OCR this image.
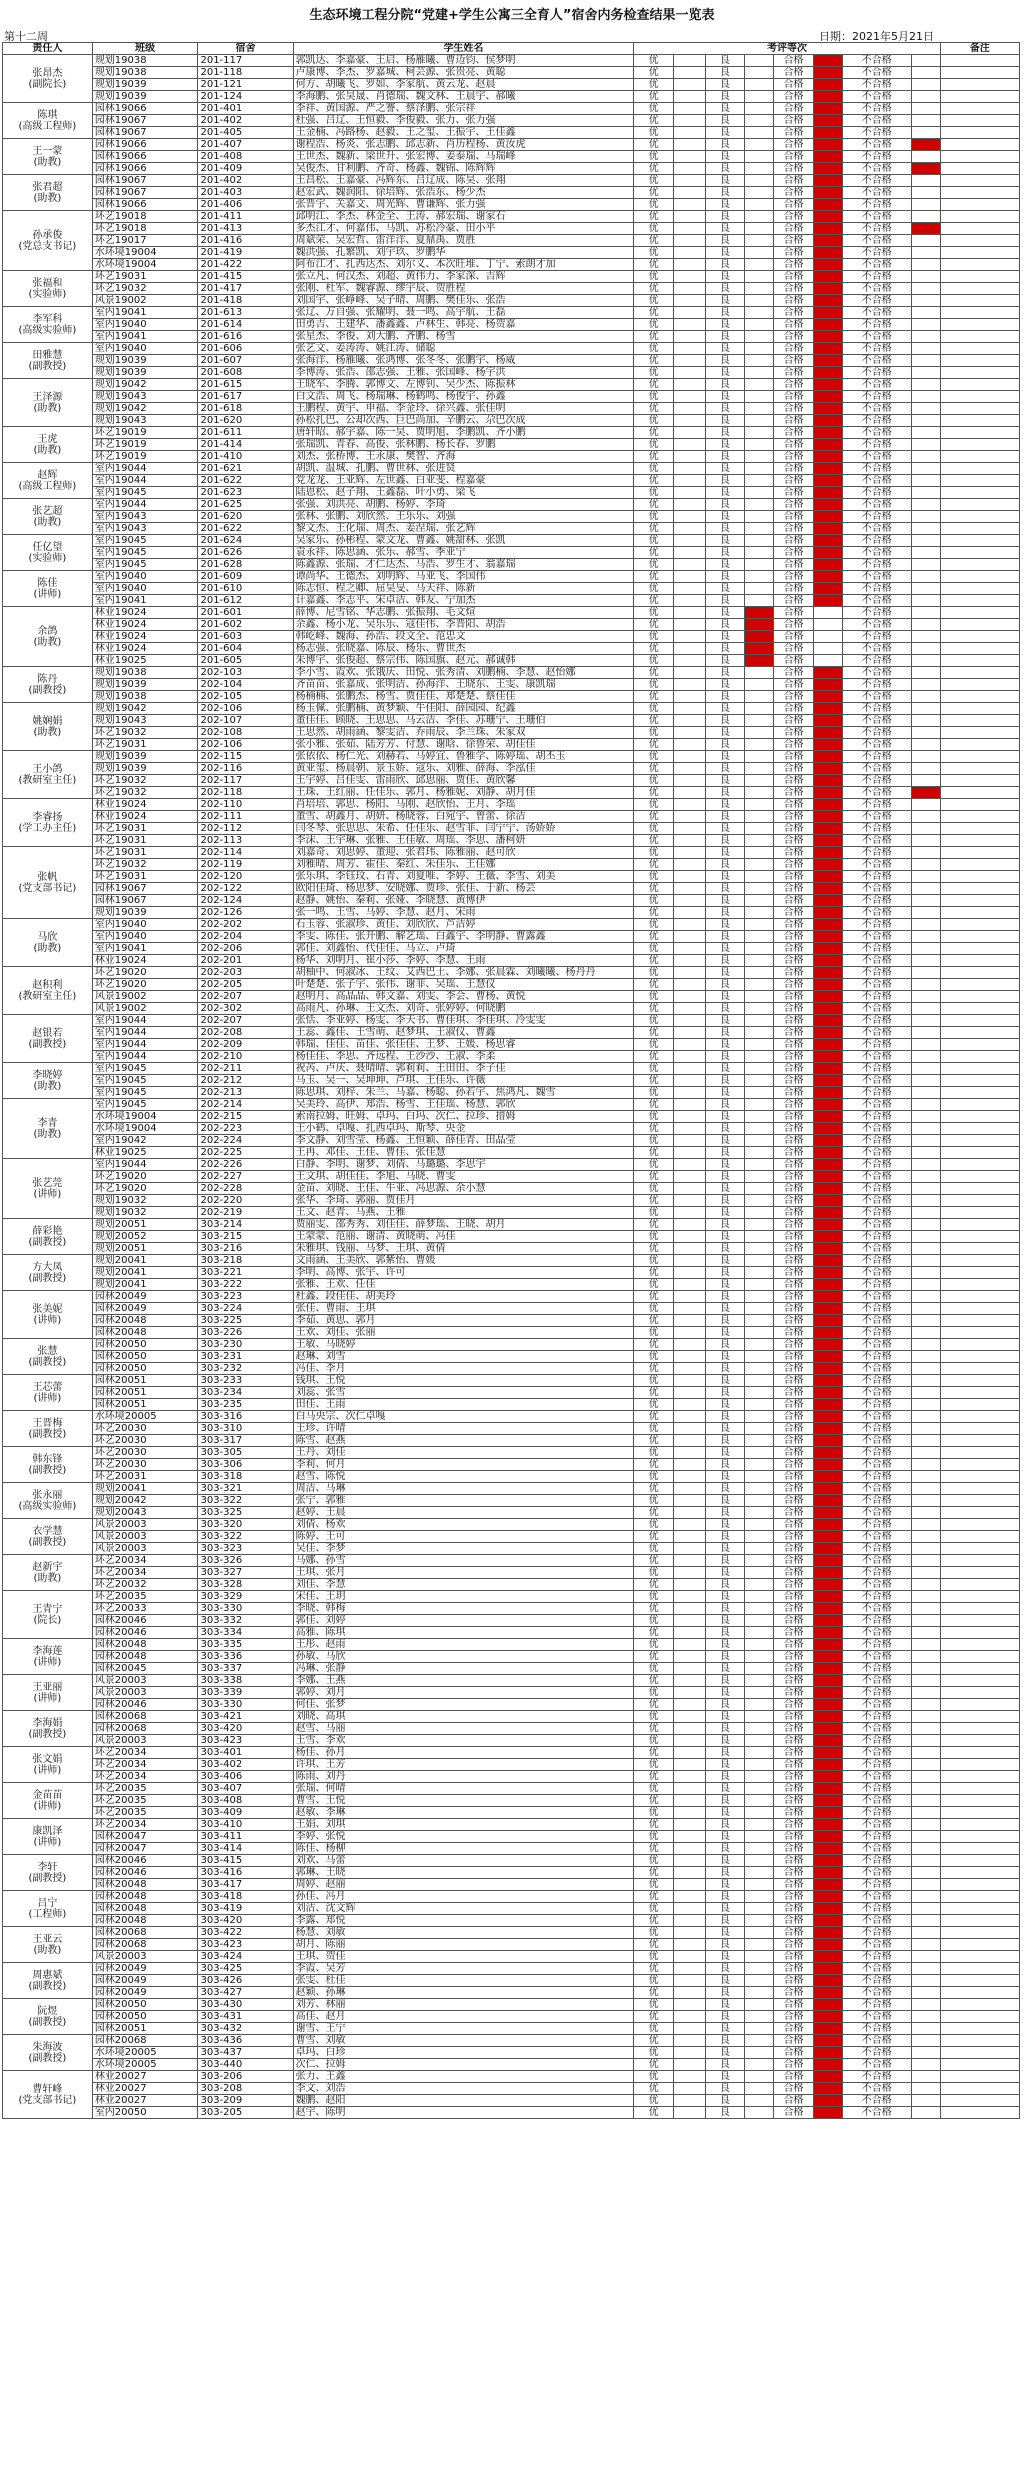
生态环境工程分院“党建+学生公寓三全育人”宿舍内务检查结果一览表
第十二周	日期：2021年5月21日
责任人	班级	宿舍	学生姓名	考评等次								备注

张昂杰
(副院长)	规划19038	201-117	郭凯达、李嘉豪、王启、杨雁曦、曹迈钧、侯梦明	优		良		合格		不合格		
	规划19038	201-118	卢康博、李杰、罗嘉城、柯芸源、张贵亮、黄聪	优		良		合格		不合格		
	规划19039	201-121	何方、胡曦飞、罗如、李家航、黄云龙、赵晨	优		良		合格		不合格		
	规划19039	201-124	李海鹏、张昊晟、肖德瑞、魏文林、王晨宇、郝曦	优		良		合格		不合格		

陈琪
(高级工程师)	园林19066	201-401	李祥、黄国源、严之謇、蔡泽鹏、张宗祥	优		良		合格		不合格		
	园林19067	201-402	杜强、吕辽、王恒毅、李俊毅、张力、张力强	优		良		合格		不合格		
	园林19067	201-405	王金楠、冯路杨、赵毅、王之玺、王振宇、王佳鑫	优		良		合格		不合格		

王一蒙
(助教)	园林19066	201-407	谢程浩、杨炎、张志鹏、邱志新、肖历程杨、黄汝虎	优		良		合格		不合格		
	园林19066	201-408	王世杰、魏新、梁世升、张宏博、姜泰瑞、马瑞峰	优		良		合格		不合格		
	园林19066	201-409	吴俊杰、甘利鹏、齐奇、杨鑫、魏锦、陈辉辉	优		良		合格		不合格		

张君超
(助教)	园林19067	201-402	王昌松、王嘉豪、冯辉东、吕辽成、陈昊、张翔	优		良		合格		不合格		
	园林19067	201-403	赵宏武、魏润阳、徐培辉、张浩东、杨少杰	优		良		合格		不合格		
	园林19066	201-406	张晋宇、关嘉文、周光辉、曹谦辉、张力强	优		良		合格		不合格		

孙承俊
(党总支书记)	环艺19018	201-411	邱明江、李杰、林金全、王涛、郝宏瑞、谢家石	优		良		合格		不合格		
	环艺19018	201-413	多杰江才、何嘉伟、马凯、苏松冷豪、田小平	优		良		合格		不合格		
	环艺19017	201-416	周斌荣、吴宏哲、雷洋洋、夏鼎禹、贾胜	优		良		合格		不合格		
	水环境19004	201-419	魏洪强、孔繁凯、刘宇玖、罗鹏华	优		良		合格		不合格		
	水环境19004	201-422	阿布江才、扎西达杰、刘尔义、本次旺堆、丁宁、索朗才加	优		良		合格		不合格		

张福和
(实验师)	环艺19031	201-415	张立凡、何汉杰、刘超、黄伟力、李家深、吉辉	优		良		合格		不合格		
	环艺19032	201-417	张刚、杜军、魏睿源、缪宇辰、贺胜程	优		良		合格		不合格		
	风景19002	201-418	刘国宇、张峥峰、吴子晴、周鹏、樊佳乐、张浩	优		良		合格		不合格		

李军科
(高级实验师)	室内19041	201-613	张辽、万自强、张耀明、聂一鸣、高宇航、王磊	优		良		合格		不合格		
	室内19040	201-614	田勇吉、王建华、潘鑫鑫、卢林生、韩亮、杨贺嘉	优		良		合格		不合格		
	室内19041	201-616	张星杰、李俊、刘大鹏、齐鹏、杨雪	优		良		合格		不合格		

田雅慧
(副教授)	室内19040	201-606	张艺文、姜涛涛、姚江涛、储聪	优		良		合格		不合格		
	规划19039	201-607	张海洋、杨雁曦、张鸿博、张冬冬、张鹏宇、杨威	优		良		合格		不合格		
	规划19039	201-608	李博涛、张浩、邵志强、王雅、张国峰、杨宇洪	优		良		合格		不合格		

王泽源
(助教)	规划19042	201-615	王晓军、李腾、郭博文、左博钊、吴少杰、陈振林	优		良		合格		不合格		
	规划19043	201-617	白文浩、周飞、杨瑞琳、杨鹤鸣、杨俊宇、孙鑫	优		良		合格		不合格		
	规划19042	201-618	王鹏程、黄宇、申福、李金玲、徐兴鑫、张佳明	优		良		合格		不合格		
	规划19043	201-620	孙松扎巴、公却次西、巨巴尚加、辛鹏云、尕巴次成	优		良		合格		不合格		

王虎
(助教)	环艺19019	201-611	唐轩昭、郝宇嘉、陈一昊、贾明旭、李鹏凯、齐小鹏	优		良		合格		不合格		
	环艺19019	201-414	张瑞凯、青春、高俊、张林鹏、杨长春、罗鹏	优		良		合格		不合格		
	环艺19019	201-410	刘杰、张桥博、王永康、樊智、齐海	优		良		合格		不合格		

赵辉
(高级工程师)	室内19044	201-621	胡凯、温城、孔鹏、曹世林、张进贤	优		良		合格		不合格		
	室内19044	201-622	党龙龙、王亚辉、左世鑫、白亚斐、程嘉豪	优		良		合格		不合格		
	室内19045	201-623	陆恩松、赵子翔、王鑫磊、叶小勇、梁飞	优		良		合格		不合格		

张艺超
(助教)	室内19044	201-625	张强、刘洪亮、胡鹏、杨婷、李琦	优		良		合格		不合格		
	室内19043	201-620	张林、张鹏、刘欣然、王乐乐、刘强	优		良		合格		不合格		
	室内19043	201-622	黎文杰、王化瑞、周杰、姜涅瑞、张艺辉	优		良		合格		不合格		

任亿望
(实验师)	室内19045	201-624	吴家乐、孙彬程、蒙文龙、曹鑫、姚甜林、张凯	优		良		合格		不合格		
	室内19045	201-626	袁永祥、陈思涵、张乐、郝雪、季亚宁	优		良		合格		不合格		
	室内19045	201-628	陈鑫源、张瑞、才仁达杰、马浩、罗生才、翁嘉瑞	优		良		合格		不合格		

陈佳
(讲师)	室内19040	201-609	谭尚华、王德杰、刘明辉、马亚飞、李国伟	优		良		合格		不合格		
	室内19040	201-610	陈志恒、程之卿、屈昊旻、马天祥、陈新	优		良		合格		不合格		
	室内19041	201-612	计嘉鑫、李志平、宋卓洁、韩友、宁加杰	优		良		合格		不合格		

余鸽
(助教)	林业19024	201-601	薛博、尼雪铭、华志鹏、张振翔、毛文煊	优		良		合格		不合格		
	林业19024	201-602	余鑫、杨小龙、吴乐乐、寇佳伟、李晋阳、胡浩	优		良		合格		不合格		
	林业19024	201-603	韩屹峰、魏海、孙浩、段文全、范忠文	优		良		合格		不合格		
	林业19024	201-604	杨志强、张晓嘉、陈辰、杨乐、曹世杰	优		良		合格		不合格		
	林业19025	201-605	朱博宇、张俊超、蔡宗伟、陈国旗、赵元、郝诚韩	优		良		合格		不合格		

陈丹
(副教授)	规划19038	202-103	李小雪、霞欢、张饿庆、田悦、张秀清、刘鹏楠、李慧、赵怡娜	优		良		合格		不合格		
	规划19039	202-104	齐苗苗、张嘉成、张明洁、孙海洋、王晓东、王雯、康凯瑞	优		良		合格		不合格		
	规划19038	202-105	杨楠楠、张鹏杰、杨雪、贾佳佳、郑楚楚、蔡佳佳	优		良		合格		不合格		

姚娴娟
(助教)	规划19042	202-106	杨玉佩、张鹏楠、黄梦颖、牛佳阳、薛园园、纪鑫	优		良		合格		不合格		
	规划19043	202-107	董佳佳、顾晓、王思思、马云洁、李佳、苏珊宁、王珊伯	优		良		合格		不合格		
	环艺19032	202-108	王思然、胡雨涵、黎雯洁、乔雨辰、李兰珠、朱家双	优		良		合格		不合格		
	环艺19031	202-106	张小雅、张茹、陆芳芳、付慧、谢晗、徐鲁荣、胡佳佳	优		良		合格		不合格		

王小鸽
(教研室主任)	规划19039	202-115	张依依、杨仁光、刘赫若、马婷宜、鲁雅学、陈婷瑶、胡丕玉	优		良		合格		不合格		
	规划19039	202-116	黄亚玺、杨晨朝、景玉娇、寇乐、刘雅、薛海、李泓佳	优		良		合格		不合格		
	环艺19032	202-117	王宇婷、吕佳雯、雷雨欣、邱思丽、贾佳、黄欣馨	优		良		合格		不合格		
	环艺19032	202-118	王珠、王红丽、任佳乐、郭月、杨雅妮、刘静、胡月佳	优		良		合格		不合格		

李睿扬
(学工办主任)	林业19024	202-110	肖培培、郭思、杨阳、马刚、赵欣怡、王月、李瑶	优		良		合格		不合格		
	林业19024	202-111	董雪、胡鑫月、胡妍、杨晓蓉、白宛宇、曾蕾、徐洁	优		良		合格		不合格		
	环艺19031	202-112	闫冬琴、张思思、朱希、任佳乐、赵雪菲、闫宁宁、汤娇娇	优		良		合格		不合格		
	环艺19031	202-113	李沫、王宇琳、张雅、王佳敏、周瑶、李思、潘柯妍	优		良		合格		不合格		

张帆
(党支部书记)	环艺19031	202-114	刘嘉奇、刘思婷、董迎、张君玮、陈雅丽、赵可欣	优		良		合格		不合格		
	环艺19032	202-119	刘雅晴、周芳、霍佳、秦红、朱佳乐、王佳娜	优		良		合格		不合格		
	环艺19031	202-120	张乐琪、李钰玟、石青、刘夏唯、李婷、王薇、李雪、刘美	优		良		合格		不合格		
	园林19067	202-122	欧阳佳琦、杨思梦、安晓娜、贾珍、张佳、于新、杨芸	优		良		合格		不合格		
	园林19067	202-124	赵静、姚怡、秦莉、张娅、李晓慧、黄博伊	优		良		合格		不合格		
	规划19039	202-126	张一鸣、王雪、马婷、李慧、赵月、宋雨	优		良		合格		不合格		

马欣
(助教)	室内19040	202-202	石玉蓉、张淑珍、黄佳、刘欣欣、芦洁婷	优		良		合格		不合格		
	室内19040	202-204	李雯、陈佳、张开鹏、解艺瑶、白鑫宇、李明静、曹露鑫	优		良		合格		不合格		
	室内19041	202-206	郭佳、刘鑫怡、代佳佳、马立、卢琦	优		良		合格		不合格		
	林业19024	202-201	杨华、刘明月、崔小莎、李婷、李慧、王雨	优		良		合格		不合格		

赵积利
(教研室主任)	环艺19020	202-203	胡柚中、何淑冰、王纹、艾西巴土、李娜、张晨霖、刘曦曦、杨丹丹	优		良		合格		不合格		
	环艺19020	202-205	叶楚楚、张子宇、张伟、谢菲、吴瑶、王慧仪	优		良		合格		不合格		
	风景19002	202-207	赵明月、高晶晶、韩文嘉、刘雯、李会、曹杨、黄悦	优		良		合格		不合格		
	风景19002	202-302	高雨凡、孙琳、王文杰、刘奇、张婷婷、何晓鹏	优		良		合格		不合格		

赵银若
(副教授)	室内19044	202-207	张恬、李亚婷、杨雯、李天书、曹佳琪、李佳琪、冷雯雯	优		良		合格		不合格		
	室内19044	202-208	王蕊、鑫佳、王雪萌、赵梦琪、王淑仪、曹鑫	优		良		合格		不合格		
	室内19044	202-209	韩瑞、佳佳、苗佳、张佳佳、王梦、王媛、杨思睿	优		良		合格		不合格		
	室内19044	202-210	杨佳佳、李思、齐远程、王沙沙、王淑、李柔	优		良		合格		不合格		

李晓婷
(助教)	室内19045	202-211	祝芮、卢庆、聂晴晴、郭莉莉、王田田、李子佳	优		良		合格		不合格		
	室内19045	202-212	马玉、吴一、吴坤坤、芦琪、王佳乐、许薇	优		良		合格		不合格		
	室内19045	202-213	陈思琪、刘梓、朱兰、马嘉、杨聪、孙若宇、焦鸿凡、魏雪	优		良		合格		不合格		

李青
(助教)	室内19045	202-214	吴美玲、高伊、郑浩、杨雪、王佳瑶、杨慧、郭欣	优		良		合格		不合格		
	水环境19004	202-215	索南拉姆、旺姆、卓玛、白玛、次仁、拉珍、措姆	优		良		合格		不合格		
	水环境19004	202-223	王小鹤、卓嘎、扎西卓玛、斯琴、央金	优		良		合格		不合格		
	室内19042	202-224	李文静、刘雪莹、杨鑫、王恒颖、薛佳青、田晶莹	优		良		合格		不合格		
	林业19025	202-225	王冉、邓佳、王佳、曹佳、张佳慧	优		良		合格		不合格		

张艺莞
(讲师)	室内19044	202-226	白静、李明、谢梦、刘倩、马璐璐、李思宇	优		良		合格		不合格		
	环艺19020	202-227	王文琪、胡佳佳、李旭、马晓、曹雯	优		良		合格		不合格		
	环艺19020	202-228	金苗、刘晓、王佳、牛亚、冯思源、余小慧	优		良		合格		不合格		
	规划19032	202-220	张华、李琦、郭丽、贾佳月	优		良		合格		不合格		
	规划19032	202-219	王文、赵青、马燕、王雅	优		良		合格		不合格		

薛彩艳
(副教授)	规划20051	303-214	贾丽雯、邵秀秀、刘佳佳、薛梦瑶、王晓、胡月	优		良		合格		不合格		
	规划20052	303-215	王蒙蒙、范丽、谢清、黄晓萌、冯佳	优		良		合格		不合格		
	规划20051	303-216	朱雅琪、钱丽、马梦、王琪、黄倩	优		良		合格		不合格		

方大凤
(副教授)	规划20041	303-218	文雨涵、王美欣、郭紫怡、曹媛	优		良		合格		不合格		
	规划20041	303-221	李明、高博、张宇、许可	优		良		合格		不合格		
	规划20041	303-222	张雅、王欢、任佳	优		良		合格		不合格		

张美妮
(讲师)	园林20049	303-223	杜鑫、段佳佳、胡美玲	优		良		合格		不合格		
	园林20049	303-224	张佳、曹雨、王琪	优		良		合格		不合格		
	园林20048	303-225	李茹、黄思、郭月	优		良		合格		不合格		
	园林20048	303-226	王欢、刘佳、张丽	优		良		合格		不合格		

张慧
(副教授)	园林20050	303-230	王敏、马晓婷	优		良		合格		不合格		
	园林20050	303-231	赵琳、刘雪	优		良		合格		不合格		
	园林20050	303-232	冯佳、李月	优		良		合格		不合格		

王芯蕾
(讲师)	园林20051	303-233	钱琪、王悦	优		良		合格		不合格		
	园林20051	303-234	刘蕊、张雪	优		良		合格		不合格		
	园林20051	303-235	田佳、王雨	优		良		合格		不合格		

王晋梅
(副教授)	水环境20005	303-316	白马央宗、次仁卓嘎	优		良		合格		不合格		
	环艺20030	303-310	王珍、许晴	优		良		合格		不合格		
	环艺20030	303-317	陈雪、赵燕	优		良		合格		不合格		

韩东锋
(副教授)	环艺20030	303-305	王丹、刘佳	优		良		合格		不合格		
	环艺20030	303-306	李莉、何月	优		良		合格		不合格		
	环艺20031	303-318	赵雪、陈悦	优		良		合格		不合格		

张永丽
(高级实验师)	规划20041	303-321	周洁、马琳	优		良		合格		不合格		
	规划20042	303-322	张宁、郭雅	优		良		合格		不合格		
	规划20043	303-325	赵婷、王晨	优		良		合格		不合格		

衣学慧
(副教授)	风景20003	303-320	刘倩、杨欢	优		良		合格		不合格		
	风景20003	303-322	陈婷、王可	优		良		合格		不合格		
	风景20003	303-323	吴佳、李梦	优		良		合格		不合格		

赵新宇
(助教)	环艺20034	303-326	马娜、孙雪	优		良		合格		不合格		
	环艺20034	303-327	王琪、张月	优		良		合格		不合格		
	环艺20032	303-328	刘佳、李慧	优		良		合格		不合格		

王青宁
(院长)	环艺20035	303-329	宋佳、王玥	优		良		合格		不合格		
	环艺20033	303-330	李晓、韩梅	优		良		合格		不合格		
	园林20046	303-332	郭佳、刘婷	优		良		合格		不合格		
	园林20046	303-334	高雅、陈琪	优		良		合格		不合格		

李海莲
(讲师)	园林20048	303-335	王彤、赵雨	优		良		合格		不合格		
	园林20048	303-336	孙敏、马欣	优		良		合格		不合格		
	园林20045	303-337	冯琳、张静	优		良		合格		不合格		

王亚丽
(讲师)	风景20003	303-338	李娜、王燕	优		良		合格		不合格		
	风景20003	303-339	郭婷、刘月	优		良		合格		不合格		
	园林20046	303-330	何佳、张梦	优		良		合格		不合格		

李海娟
(副教授)	园林20068	303-421	刘晓、高琪	优		良		合格		不合格		
	园林20068	303-420	赵雪、马丽	优		良		合格		不合格		
	风景20003	303-423	王雪、李欢	优		良		合格		不合格		

张文娟
(讲师)	环艺20034	303-401	杨佳、孙月	优		良		合格		不合格		
	环艺20034	303-402	许琪、王芳	优		良		合格		不合格		
	环艺20034	303-406	陈雨、刘丹	优		良		合格		不合格		

金苗苗
(讲师)	环艺20035	303-407	张瑞、何晴	优		良		合格		不合格		
	环艺20035	303-408	曹雪、王悦	优		良		合格		不合格		
	环艺20035	303-409	赵敏、李琳	优		良		合格		不合格		

康凯泽
(讲师)	环艺20034	303-410	王娟、刘琪	优		良		合格		不合格		
	园林20047	303-411	李婷、张悦	优		良		合格		不合格		
	园林20047	303-414	陈佳、杨柳	优		良		合格		不合格		

李轩
(副教授)	园林20046	303-415	刘欢、马蕾	优		良		合格		不合格		
	园林20046	303-416	郭琳、王晓	优		良		合格		不合格		
	园林20048	303-417	周婷、赵丽	优		良		合格		不合格		

吕宁
(工程师)	园林20048	303-418	孙佳、冯月	优		良		合格		不合格		
	园林20048	303-419	刘洁、沈文辉	优		良		合格		不合格		
	园林20048	303-420	李露、郑悦	优		良		合格		不合格		

王亚云
(助教)	园林20068	303-422	杨慧、刘敏	优		良		合格		不合格		
	园林20068	303-423	胡月、陈丽	优		良		合格		不合格		
	风景20003	303-424	王琪、贺佳	优		良		合格		不合格		

周惠斌
(副教授)	园林20049	303-425	李霞、吴芳	优		良		合格		不合格		
	园林20049	303-426	张雯、杜佳	优		良		合格		不合格		
	园林20049	303-427	赵颖、孙琳	优		良		合格		不合格		

阮煜
(副教授)	园林20050	303-430	刘芳、林丽	优		良		合格		不合格		
	园林20050	303-431	高佳、赵月	优		良		合格		不合格		
	园林20051	303-432	谢雪、王宁	优		良		合格		不合格		

朱海波
(副教授)	园林20068	303-436	曹雪、刘敏	优		良		合格		不合格		
	水环境20005	303-437	卓玛、白珍	优		良		合格		不合格		
	水环境20005	303-440	次仁、拉姆	优		良		合格		不合格		

曹轩峰
(党支部书记)	林业20027	303-206	张力、王鑫	优		良		合格		不合格		
	林业20027	303-208	李文、刘浩	优		良		合格		不合格		
	林业20027	303-209	魏鹏、赵阳	优		良		合格		不合格		
	室内20050	303-205	赵宇、陈明	优		良		合格		不合格		
